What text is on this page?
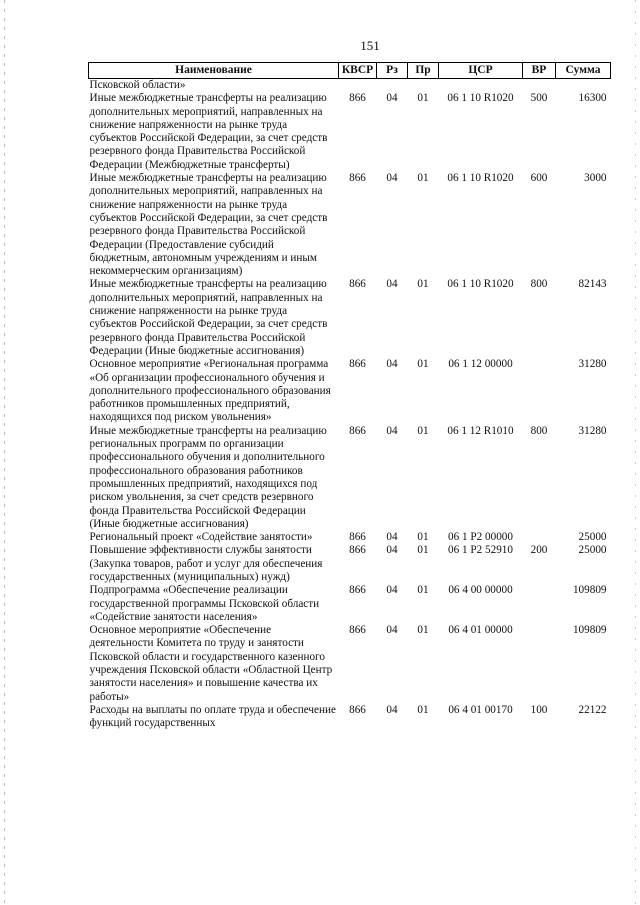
151
Наименование	КВСР	Рз	Пр	ЦСР	ВР	Сумма
Псковской области»						
Иные межбюджетные трансферты на реализацию дополнительных мероприятий, направленных на снижение напряженности на рынке труда субъектов Российской Федерации, за счет средств резервного фонда Правительства Российской Федерации (Межбюджетные трансферты)	866	04	01	06 1 10 R1020	500	16300
Иные межбюджетные трансферты на реализацию дополнительных мероприятий, направленных на снижение напряженности на рынке труда субъектов Российской Федерации, за счет средств резервного фонда Правительства Российской Федерации (Предоставление субсидий бюджетным, автономным учреждениям и иным некоммерческим организациям)	866	04	01	06 1 10 R1020	600	3000
Иные межбюджетные трансферты на реализацию дополнительных мероприятий, направленных на снижение напряженности на рынке труда субъектов Российской Федерации, за счет средств резервного фонда Правительства Российской Федерации (Иные бюджетные ассигнования)	866	04	01	06 1 10 R1020	800	82143
Основное мероприятие «Региональная программа «Об организации профессионального обучения и дополнительного профессионального образования работников промышленных предприятий, находящихся под риском увольнения»	866	04	01	06 1 12 00000		31280
Иные межбюджетные трансферты на реализацию региональных программ по организации профессионального обучения и дополнительного профессионального образования работников промышленных предприятий, находящихся под риском увольнения, за счет средств резервного фонда Правительства Российской Федерации (Иные бюджетные ассигнования)	866	04	01	06 1 12 R1010	800	31280
Региональный проект «Содействие занятости»	866	04	01	06 1 P2 00000		25000
Повышение эффективности службы занятости (Закупка товаров, работ и услуг для обеспечения государственных (муниципальных) нужд)	866	04	01	06 1 P2 52910	200	25000
Подпрограмма «Обеспечение реализации государственной программы Псковской области «Содействие занятости населения»	866	04	01	06 4 00 00000		109809
Основное мероприятие «Обеспечение деятельности Комитета по труду и занятости Псковской области и государственного казенного учреждения Псковской области «Областной Центр занятости населения» и повышение качества их работы»	866	04	01	06 4 01 00000		109809
Расходы на выплаты по оплате труда и обеспечение функций государственных	866	04	01	06 4 01 00170	100	22122
